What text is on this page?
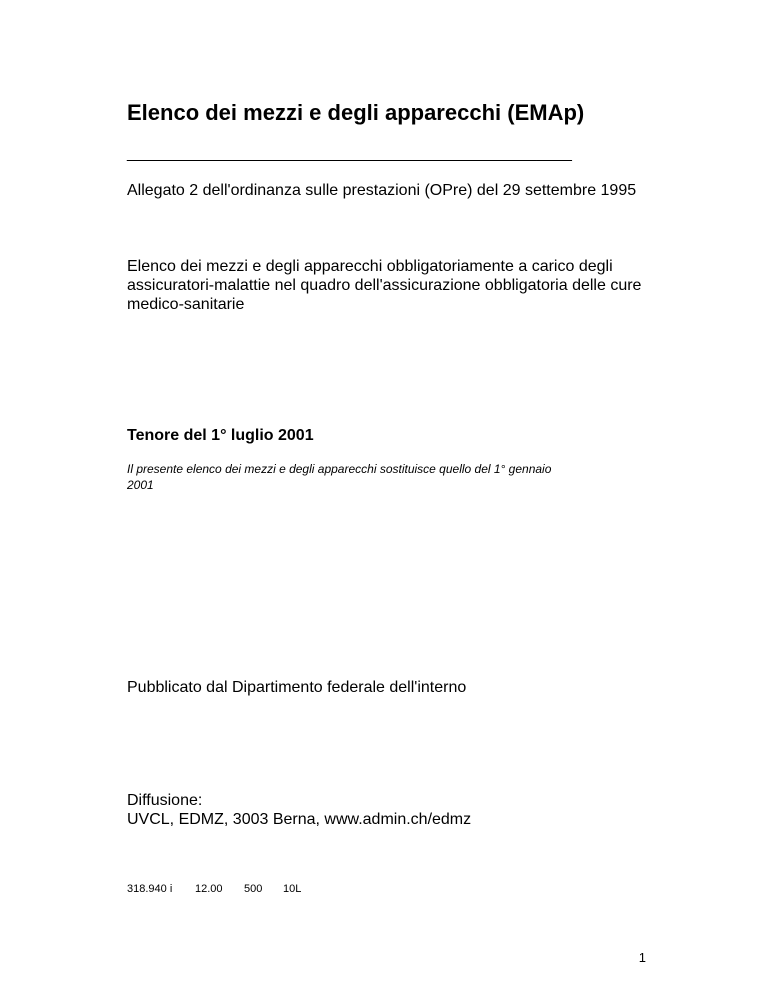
Elenco dei mezzi e degli apparecchi (EMAp)
__________________________________________________

Allegato 2 dell'ordinanza sulle prestazioni (OPre) del 29 settembre 1995

Elenco dei mezzi e degli apparecchi obbligatoriamente a carico degli assicuratori-malattie nel quadro dell'assicurazione obbligatoria delle cure medico-sanitarie

Tenore del 1° luglio 2001

Il presente elenco dei mezzi e degli apparecchi sostituisce quello del 1° gennaio 2001

Pubblicato dal Dipartimento federale dell'interno

Diffusione:

UVCL, EDMZ, 3003 Berna, www.admin.ch/edmz

318.940 i 12.00 500 10L
1
